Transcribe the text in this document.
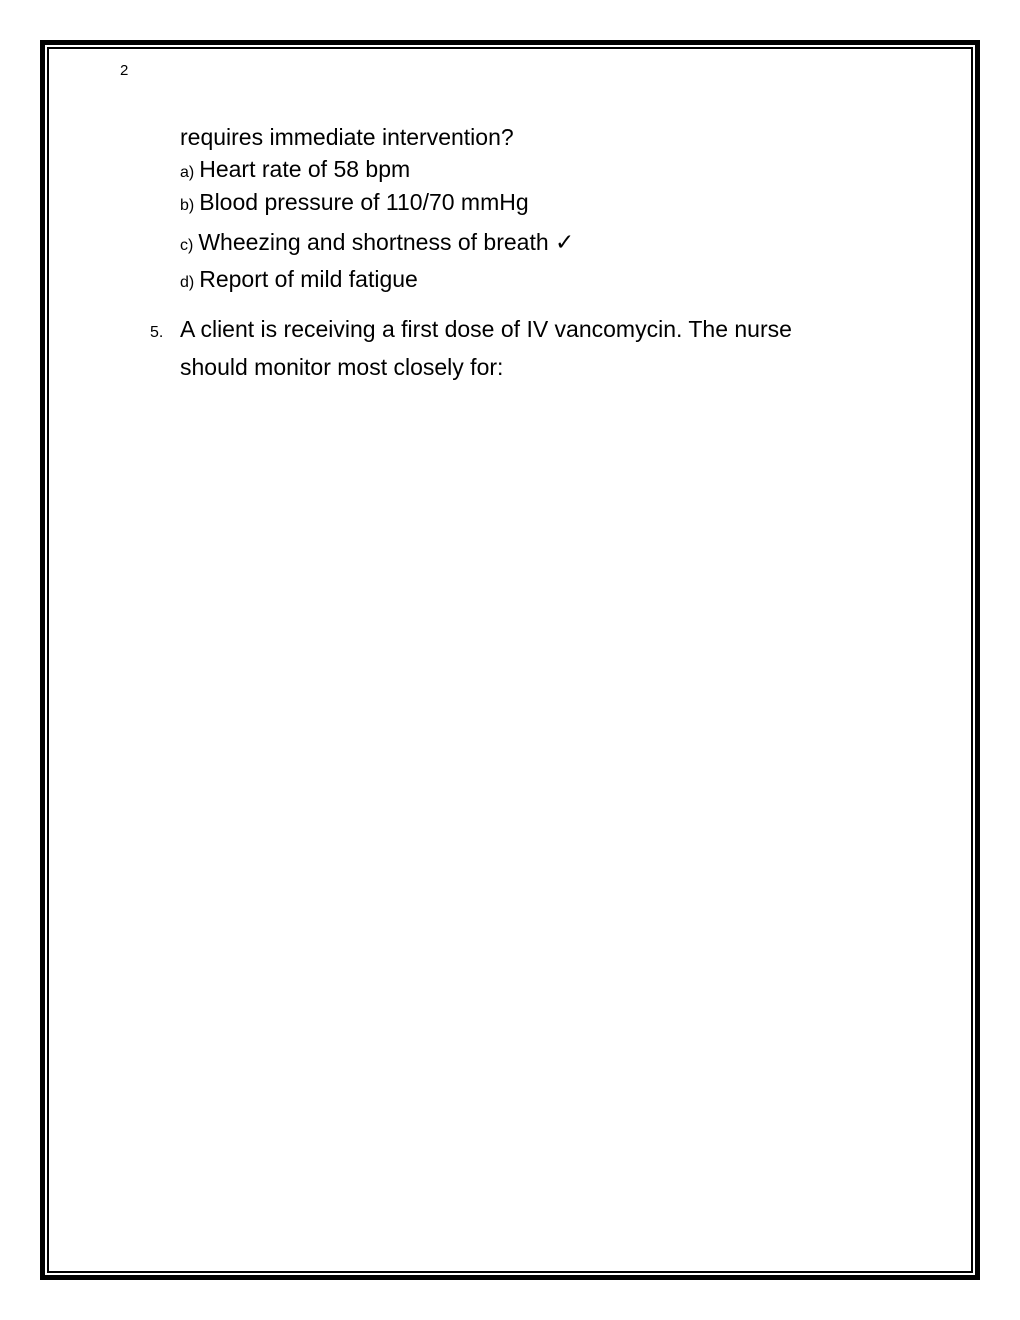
2
requires immediate intervention?
a) Heart rate of 58 bpm
b) Blood pressure of 110/70 mmHg
c) Wheezing and shortness of breath ✓
d) Report of mild fatigue
5. A client is receiving a first dose of IV vancomycin. The nurse
should monitor most closely for:
